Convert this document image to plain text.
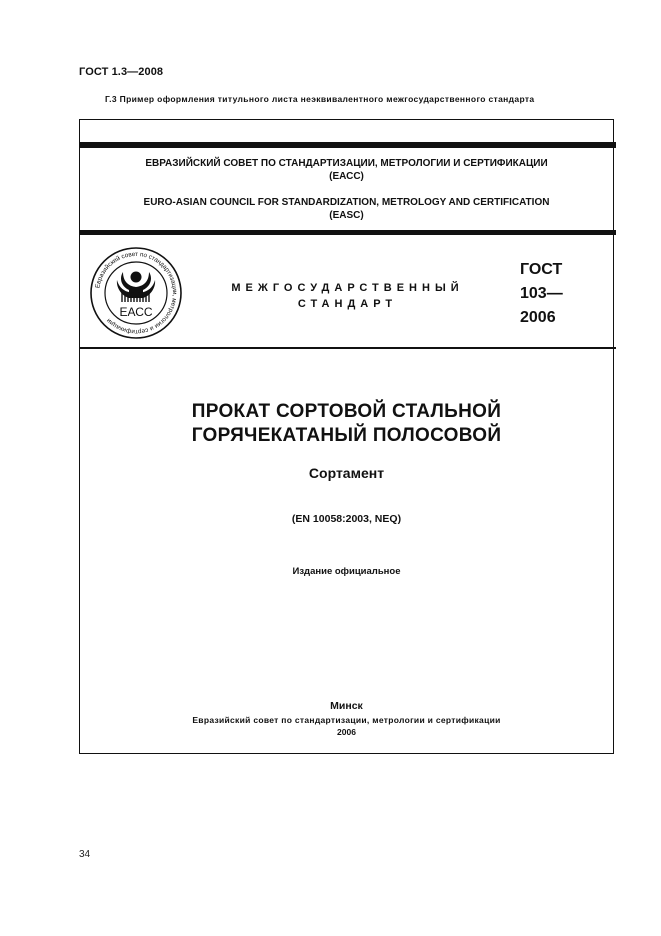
ГОСТ 1.3—2008
Г.3 Пример оформления титульного листа неэквивалентного межгосударственного стандарта
ЕВРАЗИЙСКИЙ СОВЕТ ПО СТАНДАРТИЗАЦИИ, МЕТРОЛОГИИ И СЕРТИФИКАЦИИ
(ЕАСС)
EURO-ASIAN COUNCIL FOR STANDARDIZATION, METROLOGY AND CERTIFICATION
(EASC)
Евразийский совет по стандартизации, метрологии и сертификации
ЕАСС
МЕЖГОСУДАРСТВЕННЫЙ
СТАНДАРТ
ГОСТ
103—
2006
ПРОКАТ СОРТОВОЙ СТАЛЬНОЙ
ГОРЯЧЕКАТАНЫЙ ПОЛОСОВОЙ
Сортамент
(EN 10058:2003, NEQ)
Издание официальное
Минск
Евразийский совет по стандартизации, метрологии и сертификации
2006
34
